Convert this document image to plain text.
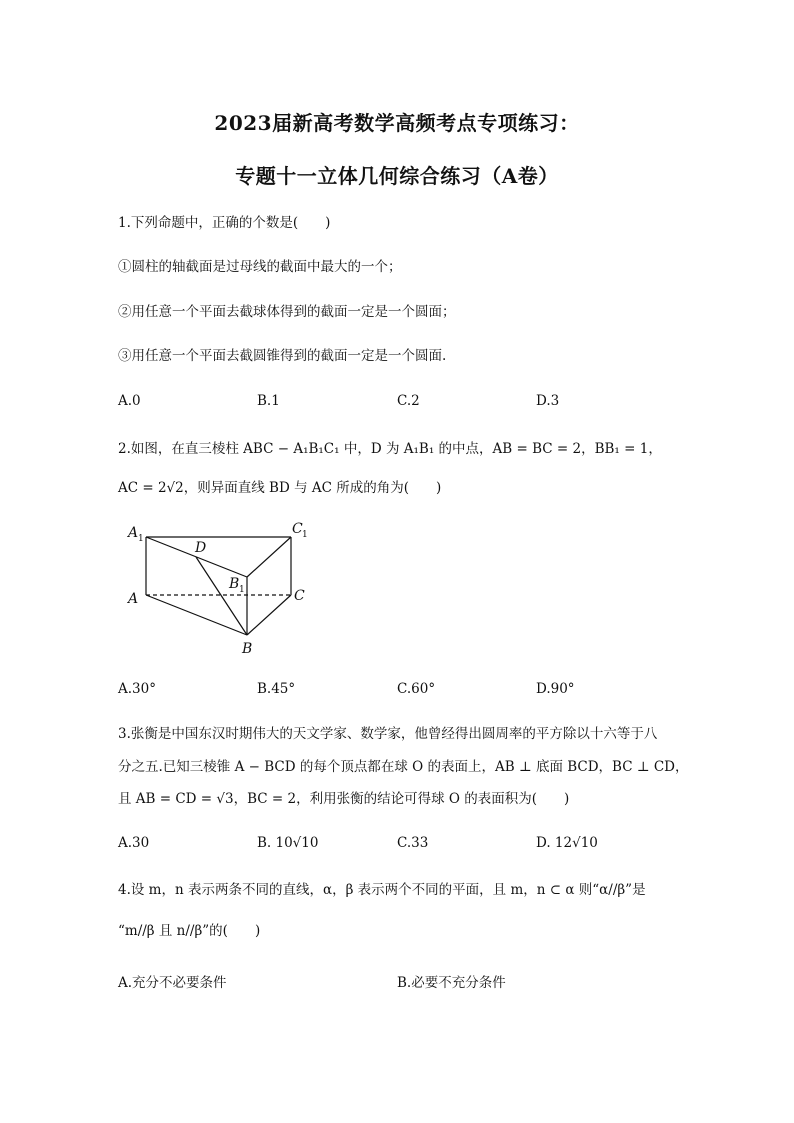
2023届新高考数学高频考点专项练习：
专题十一立体几何综合练习（A卷）
1.下列命题中，正确的个数是(　　)
①圆柱的轴截面是过母线的截面中最大的一个；
②用任意一个平面去截球体得到的截面一定是一个圆面；
③用任意一个平面去截圆锥得到的截面一定是一个圆面.
A.0	B.1	C.2	D.3
2.如图，在直三棱柱 ABC − A₁B₁C₁ 中，D 为 A₁B₁ 的中点，AB = BC = 2，BB₁ = 1，
AC = 2√2，则异面直线 BD 与 AC 所成的角为(　　)
A 1
C 1
D
B 1
A	C
B
A.30°	B.45°	C.60°	D.90°
3.张衡是中国东汉时期伟大的天文学家、数学家，他曾经得出圆周率的平方除以十六等于八
分之五.已知三棱锥 A − BCD 的每个顶点都在球 O 的表面上，AB ⊥ 底面 BCD，BC ⊥ CD，
且 AB = CD = √3，BC = 2，利用张衡的结论可得球 O 的表面积为(　　)
A.30	B. 10√10	C.33	D. 12√10
4.设 m，n 表示两条不同的直线，α，β 表示两个不同的平面，且 m，n ⊂ α 则“α//β”是
“m//β 且 n//β”的(　　)
A.充分不必要条件	B.必要不充分条件
